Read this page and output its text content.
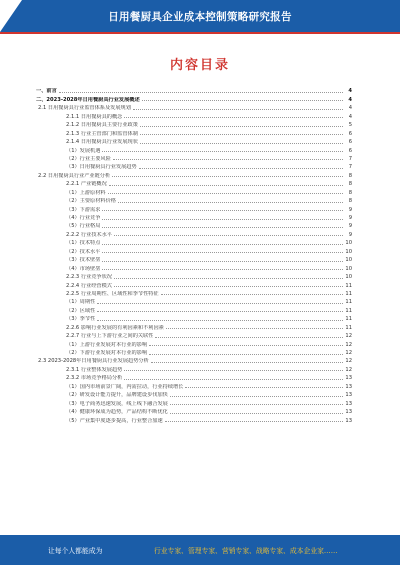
日用餐厨具企业成本控制策略研究报告
内容目录
一、前言	4
二、2023-2028年日用餐厨具行业发展概述	4
2.1 日用餐厨具行业监管体系及发展规划	4
2.1.1 日用餐厨具的概念	4
2.1.2 日用餐厨具主要行业政策	5
2.1.3 行业主管部门和监管体制	6
2.1.4 日用餐厨具行业发展现状	6
（1）发展机遇	6
（2）行业主要风险	7
（3）日用餐厨具行业发展趋势	7
2.2 日用餐厨具行业产业链分析	8
2.2.1 产业链概况	8
（1）上游原材料	8
（2）主要原材料价格	8
（3）下游需求	9
（4）行业竞争	9
（5）行业格局	9
2.2.2 行业技术水平	9
（1）技术特点	10
（2）技术水平	10
（3）技术壁垒	10
（4）市场壁垒	10
2.2.3 行业竞争状况	10
2.2.4 行业经营模式	11
2.2.5 行业周期性、区域性和季节性特征	11
（1）周期性	11
（2）区域性	11
（3）季节性	11
2.2.6 影响行业发展的有利因素和不利因素	11
2.2.7 行业与上下游行业之间的关联性	12
（1）上游行业发展对本行业的影响	12
（2）下游行业发展对本行业的影响	12
2.3 2023-2028年日用餐厨具行业发展趋势分析	12
2.3.1 行业整体发展趋势	12
2.3.2 市场竞争格局分析	13
（1）国内市场前景广阔，内需拉动，行业持续增长	13
（2）研发设计能力提升，品牌建设步伐加快	13
（3）电子商务迅速发展，线上线下融合发展	13
（4）健康环保成为趋势，产品结构不断优化	13
（5）产业集中度逐步提高，行业整合加速	13
让每个人都能成为	行业专家、管理专家、营销专家、战略专家、成本企业家……
